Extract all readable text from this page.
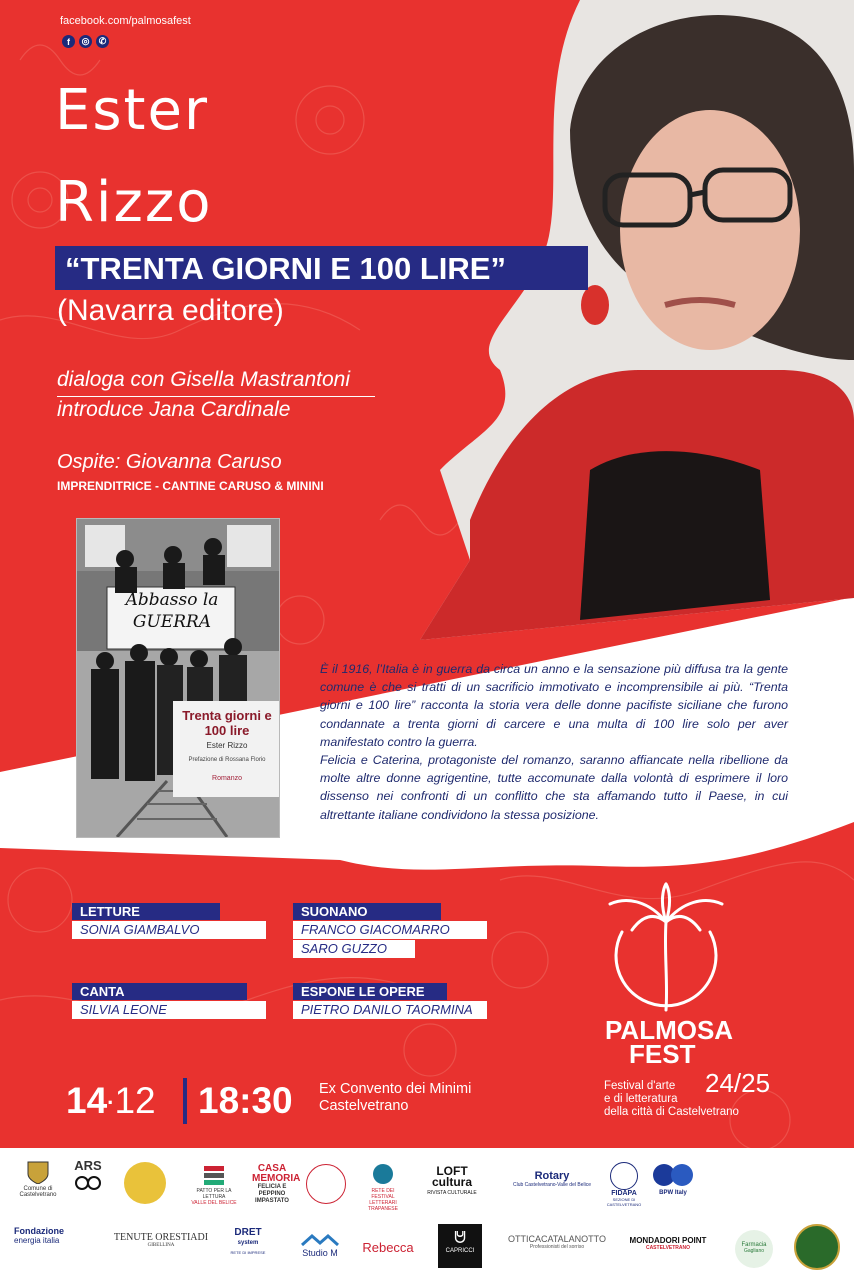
facebook.com/palmosafest
f	◎	✆
Ester
Rizzo
“TRENTA GIORNI E 100 LIRE”
(Navarra editore)
dialoga con Gisella Mastrantoni
introduce Jana Cardinale
Ospite: Giovanna Caruso
IMPRENDITRICE - CANTINE CARUSO & MININI
Abbasso la GUERRA
Trenta giorni e 100 lire
Ester Rizzo
Prefazione di Rossana Florio
Romanzo

È il 1916, l’Italia è in guerra da circa un anno e la sensazione più diffusa tra la gente comune è che si tratti di un sacrificio immotivato e incomprensibile ai più. “Trenta giorni e 100 lire” racconta la storia vera delle donne pacifiste siciliane che furono condannate a trenta giorni di carcere e una multa di 100 lire solo per aver manifestato contro la guerra.

Felicia e Caterina, protagoniste del romanzo, saranno affiancate nella ribellione da molte altre donne agrigentine, tutte accomunate dalla volontà di esprimere il loro dissenso nei confronti di un conflitto che sta affamando tutto il Paese, in cui altrettante italiane condividono la stessa posizione.

LETTURE
SONIA GIAMBALVO
SUONANO
FRANCO GIACOMARRO
SARO GUZZO
CANTA
SILVIA LEONE
ESPONE LE OPERE
PIETRO DANILO TAORMINA
PALMOSA
FEST
24/25
Festival d'arte
e di letteratura
della città di Castelvetrano
14·12 18:30 Ex Convento dei Minimi
Castelvetrano
Comune di Castelvetrano
ARS
PATTO PER LA LETTURA
VALLE DEL BELICE
CASA MEMORIA
FELICIA E PEPPINO IMPASTATO
RETE DEI FESTIVAL LETTERARI TRAPANESE
LOFT
cultura
RIVISTA CULTURALE
Rotary
Club Castelvetrano-Valle del Belice
FIDAPA
SEZIONE DI CASTELVETRANO
BPW Italy
Fondazione
energia italia	TENUTE ORESTIADI
GIBELLINA
DRET
system
RETE DI IMPRESE	Studio M	Rebecca
ᕰ
CAPRICCI
OTTICACATALANOTTO
Professionisti del sorriso
MONDADORI POINT
CASTELVETRANO	Farmacia
Gagliano
